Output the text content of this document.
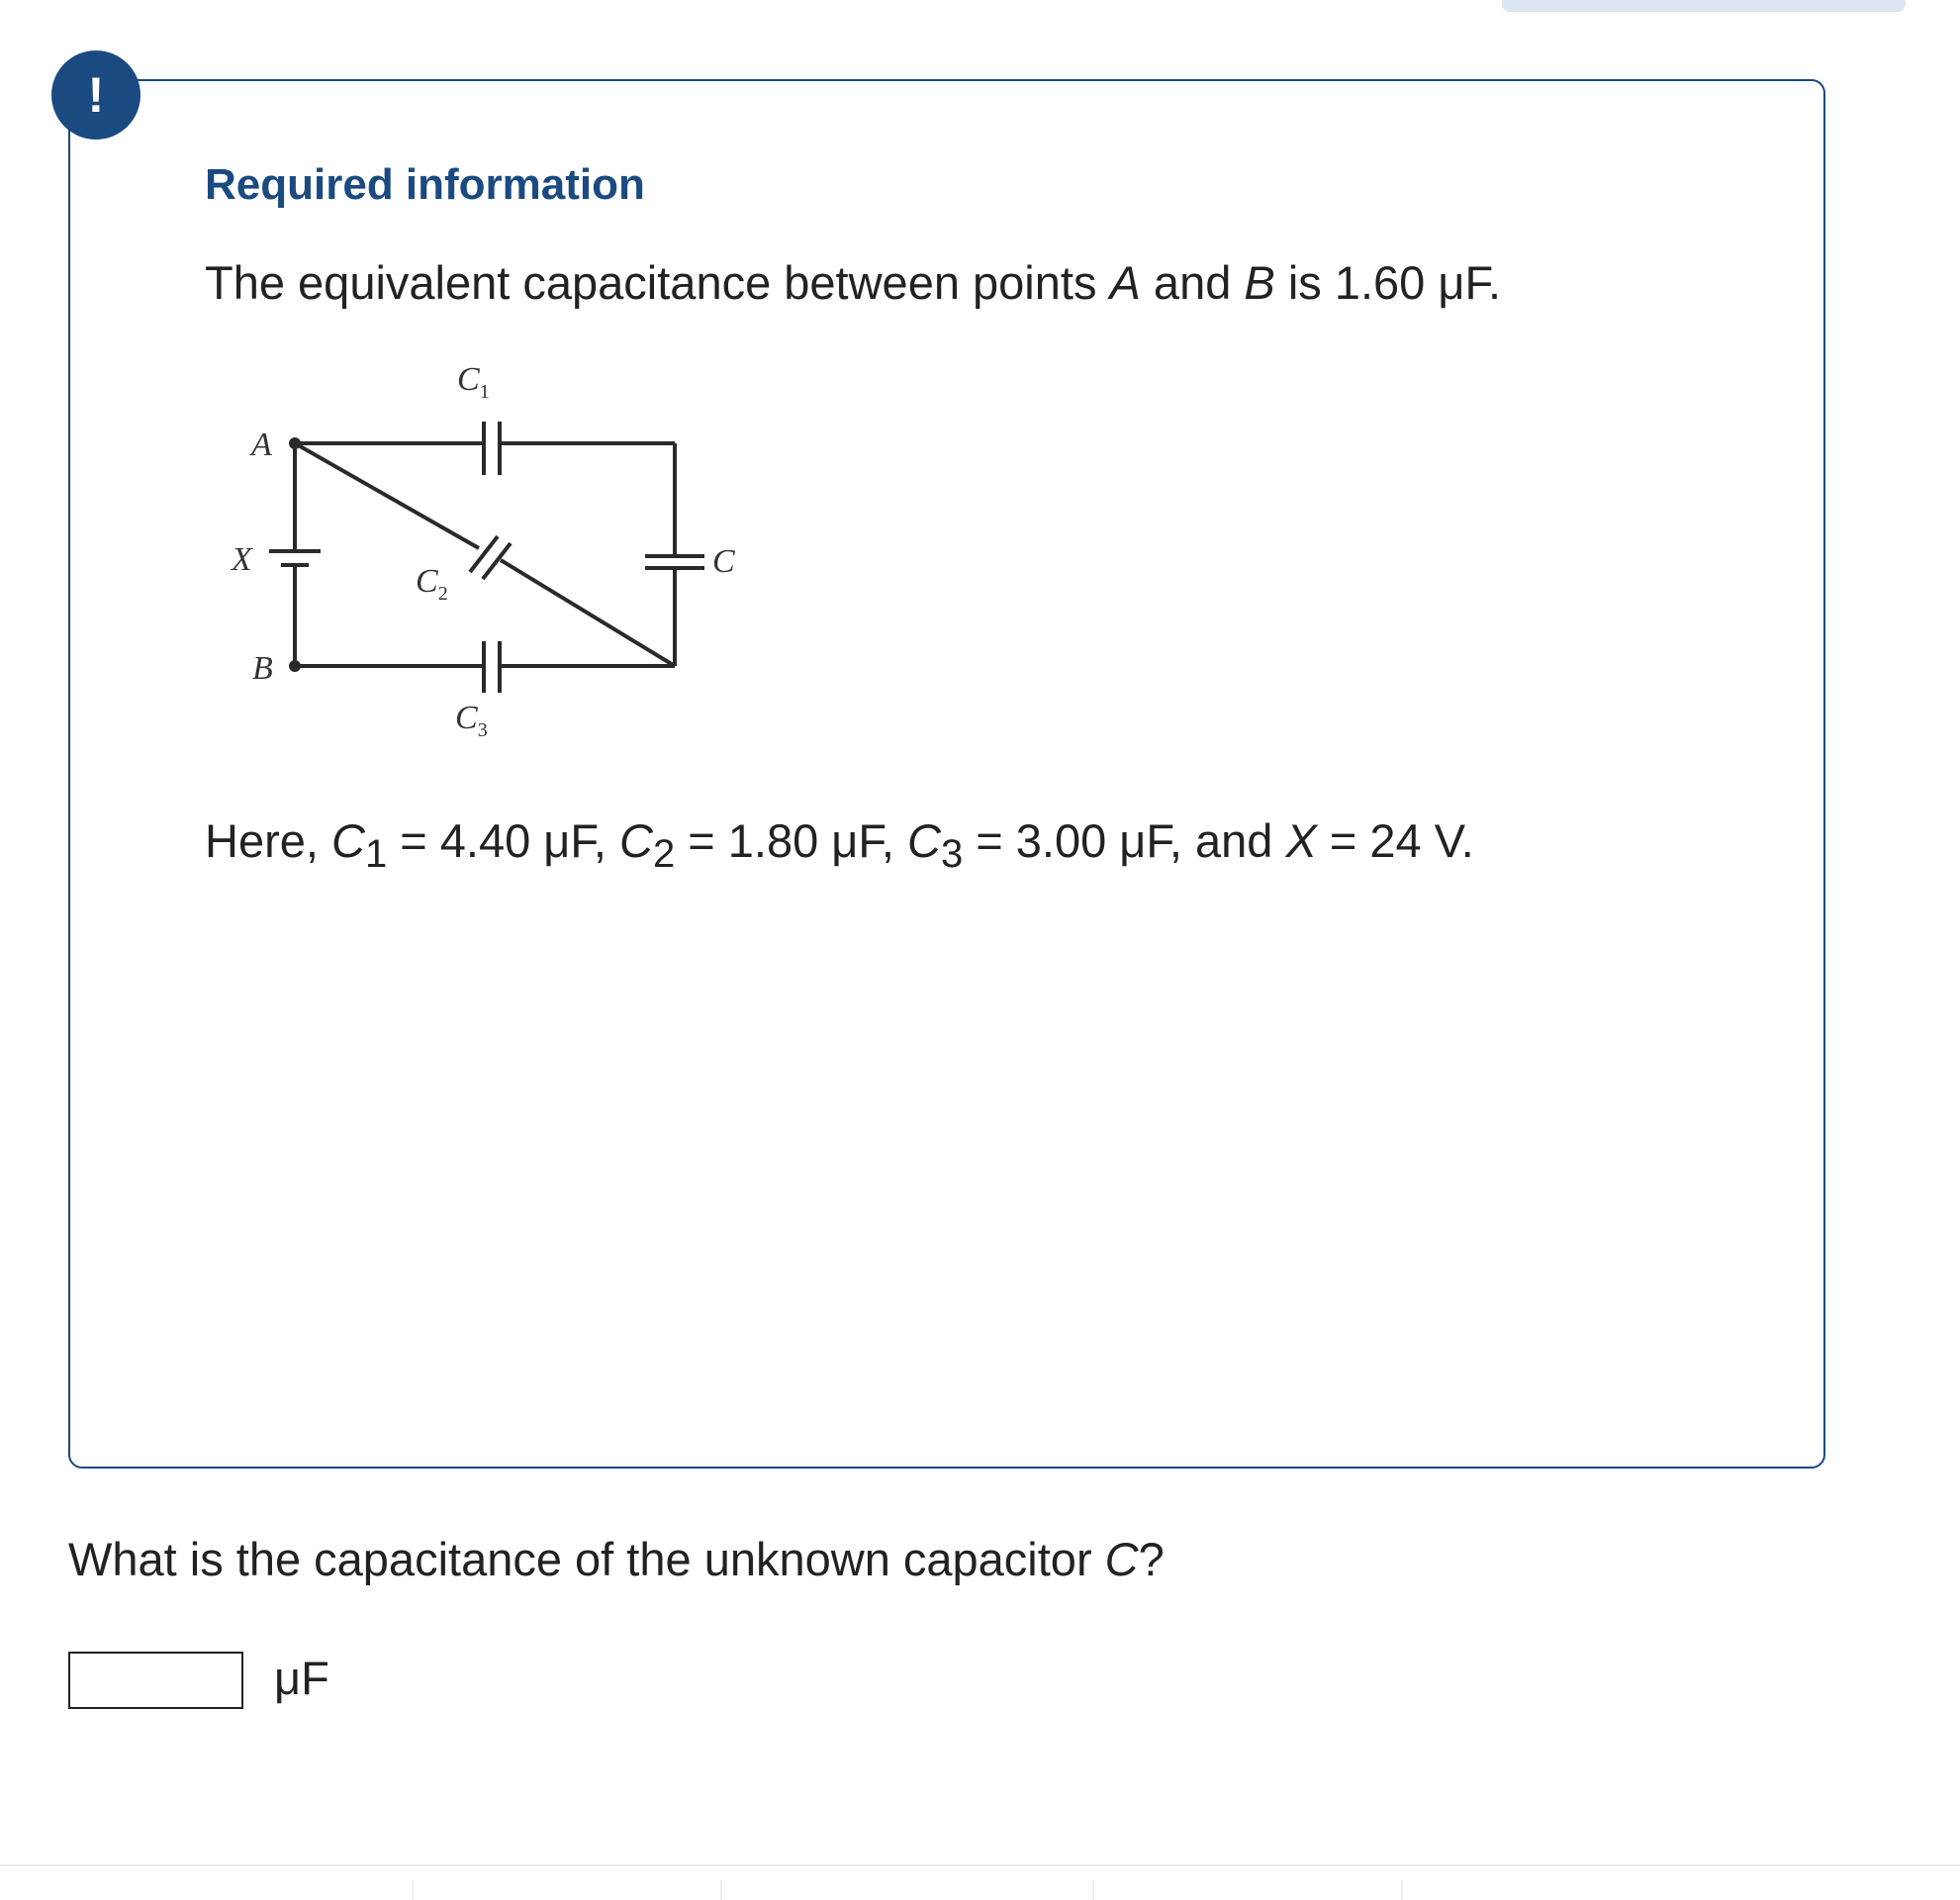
!
Required information
The equivalent capacitance between points A and B is 1.60 μF.
$C_1$
A
X
$C_2$
C
B
$C_3$
Here, $C_1 = 4.40$ μF, $C_2 = 1.80$ μF, $C_3 = 3.00$ μF, and X = 24 V.
What is the capacitance of the unknown capacitor C?
μF
